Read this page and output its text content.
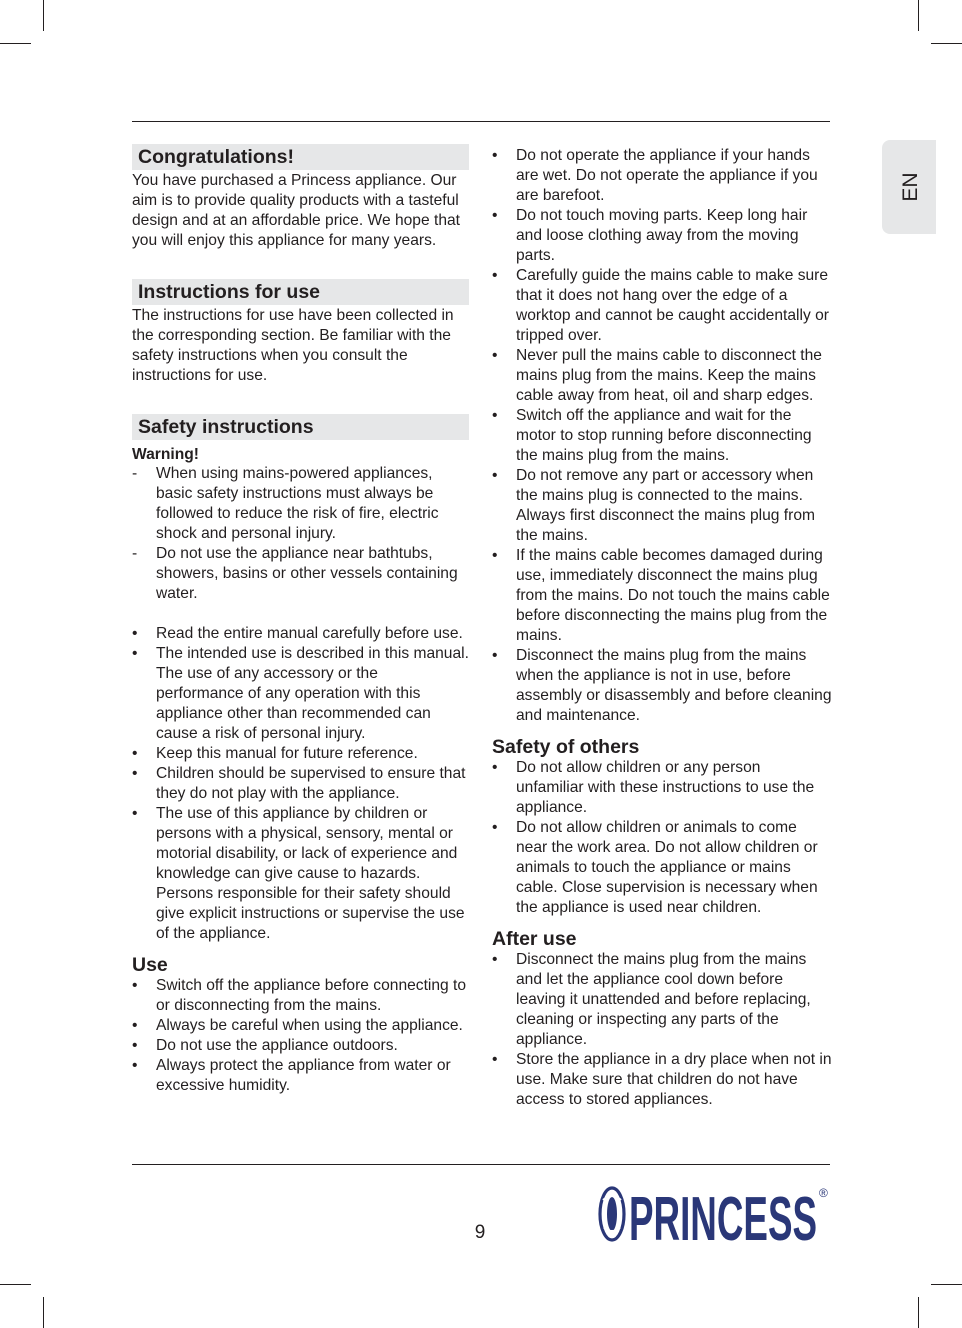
EN
Congratulations!

You have purchased a Princess appliance. Our aim is to provide quality products with a tasteful design and at an affordable price. We hope that you will enjoy this appliance for many years.

Instructions for use

The instructions for use have been collected in the corresponding section. Be familiar with the safety instructions when you consult the instructions for use.

Safety instructions
Warning!
-	When using mains-powered appliances, basic safety instructions must always be followed to reduce the risk of fire, electric shock and personal injury.
-	Do not use the appliance near bathtubs, showers, basins or other vessels containing water.
•	Read the entire manual carefully before use.
•	The intended use is described in this manual. The use of any accessory or the performance of any operation with this appliance other than recommended can cause a risk of personal injury.
•	Keep this manual for future reference.
•	Children should be supervised to ensure that they do not play with the appliance.
•	The use of this appliance by children or persons with a physical, sensory, mental or motorial disability, or lack of experience and knowledge can give cause to hazards. Persons responsible for their safety should give explicit instructions or supervise the use of the appliance.
Use
•	Switch off the appliance before connecting to or disconnecting from the mains.
•	Always be careful when using the appliance.
•	Do not use the appliance outdoors.
•	Always protect the appliance from water or excessive humidity.
•	Do not operate the appliance if your hands are wet. Do not operate the appliance if you are barefoot.
•	Do not touch moving parts. Keep long hair and loose clothing away from the moving parts.
•	Carefully guide the mains cable to make sure that it does not hang over the edge of a worktop and cannot be caught accidentally or tripped over.
•	Never pull the mains cable to disconnect the mains plug from the mains. Keep the mains cable away from heat, oil and sharp edges.
•	Switch off the appliance and wait for the motor to stop running before disconnecting the mains plug from the mains.
•	Do not remove any part or accessory when the mains plug is connected to the mains. Always first disconnect the mains plug from the mains.
•	If the mains cable becomes damaged during use, immediately disconnect the mains plug from the mains. Do not touch the mains cable before disconnecting the mains plug from the mains.
•	Disconnect the mains plug from the mains when the appliance is not in use, before assembly or disassembly and before cleaning and maintenance.
Safety of others
•	Do not allow children or any person unfamiliar with these instructions to use the appliance.
•	Do not allow children or animals to come near the work area. Do not allow children or animals to touch the appliance or mains cable. Close supervision is necessary when the appliance is used near children.
After use
•	Disconnect the mains plug from the mains and let the appliance cool down before leaving it unattended and before replacing, cleaning or inspecting any parts of the appliance.
•	Store the appliance in a dry place when not in use. Make sure that children do not have access to stored appliances.
9	PRINCESS ®
